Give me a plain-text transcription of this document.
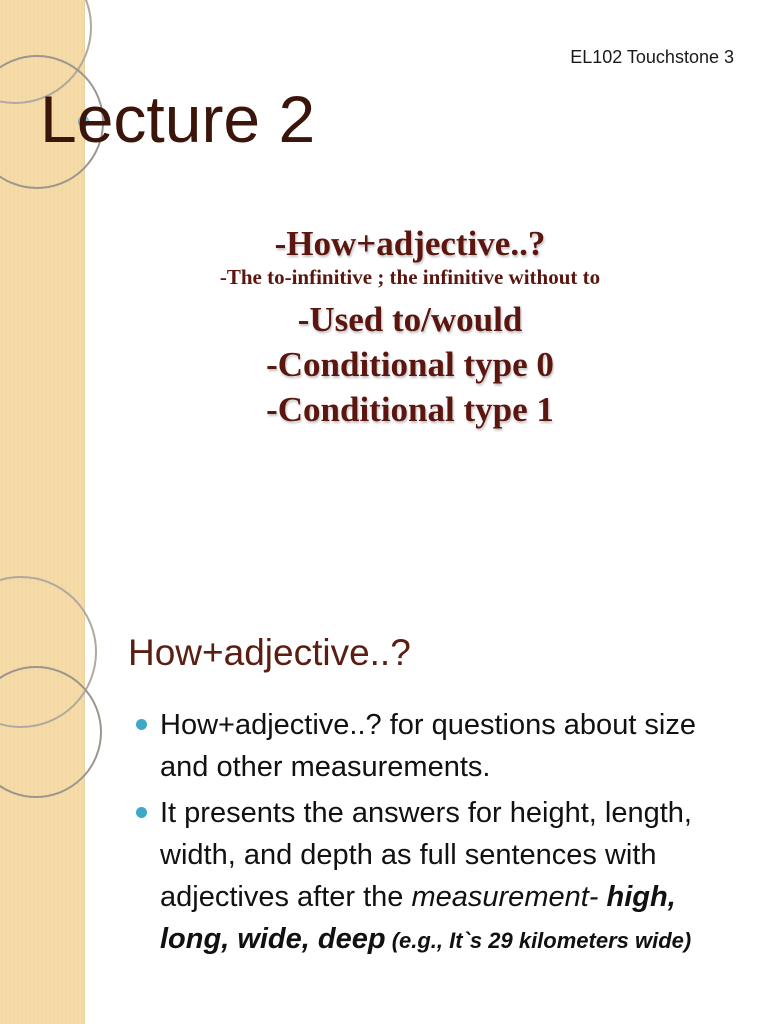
EL102 Touchstone 3
Lecture 2
-How+adjective..?
-The to-infinitive ; the infinitive without to
-Used to/would
-Conditional type 0
-Conditional type 1
How+adjective..?
How+adjective..? for questions about size and other measurements.
It presents the answers for height, length, width, and depth as full sentences with adjectives after the measurement- high, long, wide, deep (e.g., It`s 29 kilometers wide)
